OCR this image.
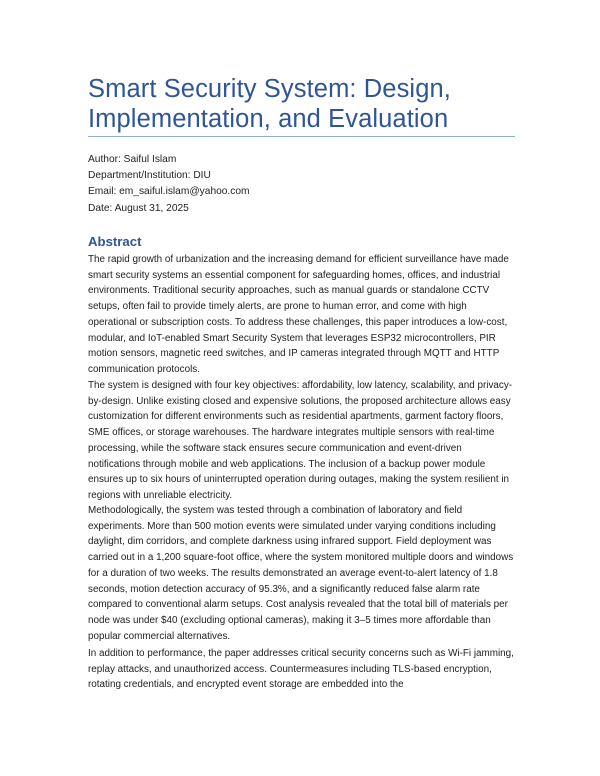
Smart Security System: Design, Implementation, and Evaluation
Author: Saiful Islam
Department/Institution: DIU
Email: em_saiful.islam@yahoo.com
Date: August 31, 2025
Abstract
The rapid growth of urbanization and the increasing demand for efficient surveillance have made smart security systems an essential component for safeguarding homes, offices, and industrial environments. Traditional security approaches, such as manual guards or standalone CCTV setups, often fail to provide timely alerts, are prone to human error, and come with high operational or subscription costs. To address these challenges, this paper introduces a low-cost, modular, and IoT-enabled Smart Security System that leverages ESP32 microcontrollers, PIR motion sensors, magnetic reed switches, and IP cameras integrated through MQTT and HTTP communication protocols.
The system is designed with four key objectives: affordability, low latency, scalability, and privacy-by-design. Unlike existing closed and expensive solutions, the proposed architecture allows easy customization for different environments such as residential apartments, garment factory floors, SME offices, or storage warehouses. The hardware integrates multiple sensors with real-time processing, while the software stack ensures secure communication and event-driven notifications through mobile and web applications. The inclusion of a backup power module ensures up to six hours of uninterrupted operation during outages, making the system resilient in regions with unreliable electricity.
Methodologically, the system was tested through a combination of laboratory and field experiments. More than 500 motion events were simulated under varying conditions including daylight, dim corridors, and complete darkness using infrared support. Field deployment was carried out in a 1,200 square-foot office, where the system monitored multiple doors and windows for a duration of two weeks. The results demonstrated an average event-to-alert latency of 1.8 seconds, motion detection accuracy of 95.3%, and a significantly reduced false alarm rate compared to conventional alarm setups. Cost analysis revealed that the total bill of materials per node was under $40 (excluding optional cameras), making it 3–5 times more affordable than popular commercial alternatives.
In addition to performance, the paper addresses critical security concerns such as Wi-Fi jamming, replay attacks, and unauthorized access. Countermeasures including TLS-based encryption, rotating credentials, and encrypted event storage are embedded into the
